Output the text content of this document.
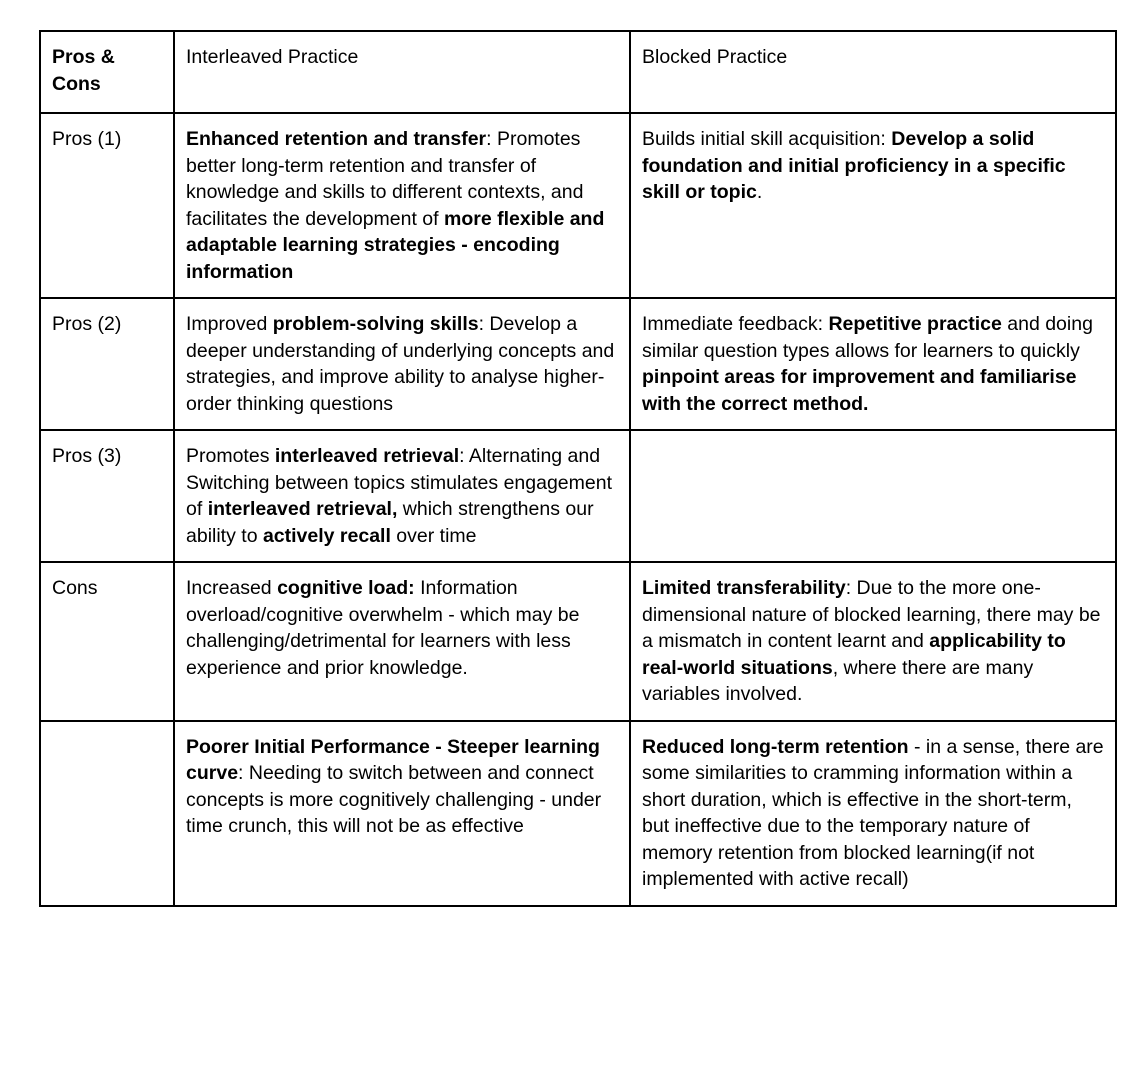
Pros & Cons	Interleaved Practice	Blocked Practice

Pros (1)	Enhanced retention and transfer: Promotes better long-term retention and transfer of knowledge and skills to different contexts, and facilitates the development of more flexible and adaptable learning strategies - encoding information	Builds initial skill acquisition: Develop a solid foundation and initial proficiency in a specific skill or topic.

Pros (2)	Improved problem-solving skills: Develop a deeper understanding of underlying concepts and strategies, and improve ability to analyse higher-order thinking questions	Immediate feedback: Repetitive practice and doing similar question types allows for learners to quickly pinpoint areas for improvement and familiarise with the correct method.

Pros (3)	Promotes interleaved retrieval: Alternating and Switching between topics stimulates engagement of interleaved retrieval, which strengthens our ability to actively recall over time	

Cons	Increased cognitive load: Information overload/cognitive overwhelm - which may be challenging/detrimental for learners with less experience and prior knowledge.	Limited transferability: Due to the more one-dimensional nature of blocked learning, there may be a mismatch in content learnt and applicability to real-world situations, where there are many variables involved.

	Poorer Initial Performance - Steeper learning curve: Needing to switch between and connect concepts is more cognitively challenging - under time crunch, this will not be as effective	Reduced long-term retention - in a sense, there are some similarities to cramming information within a short duration, which is effective in the short-term, but ineffective due to the temporary nature of memory retention from blocked learning(if not implemented with active recall)
